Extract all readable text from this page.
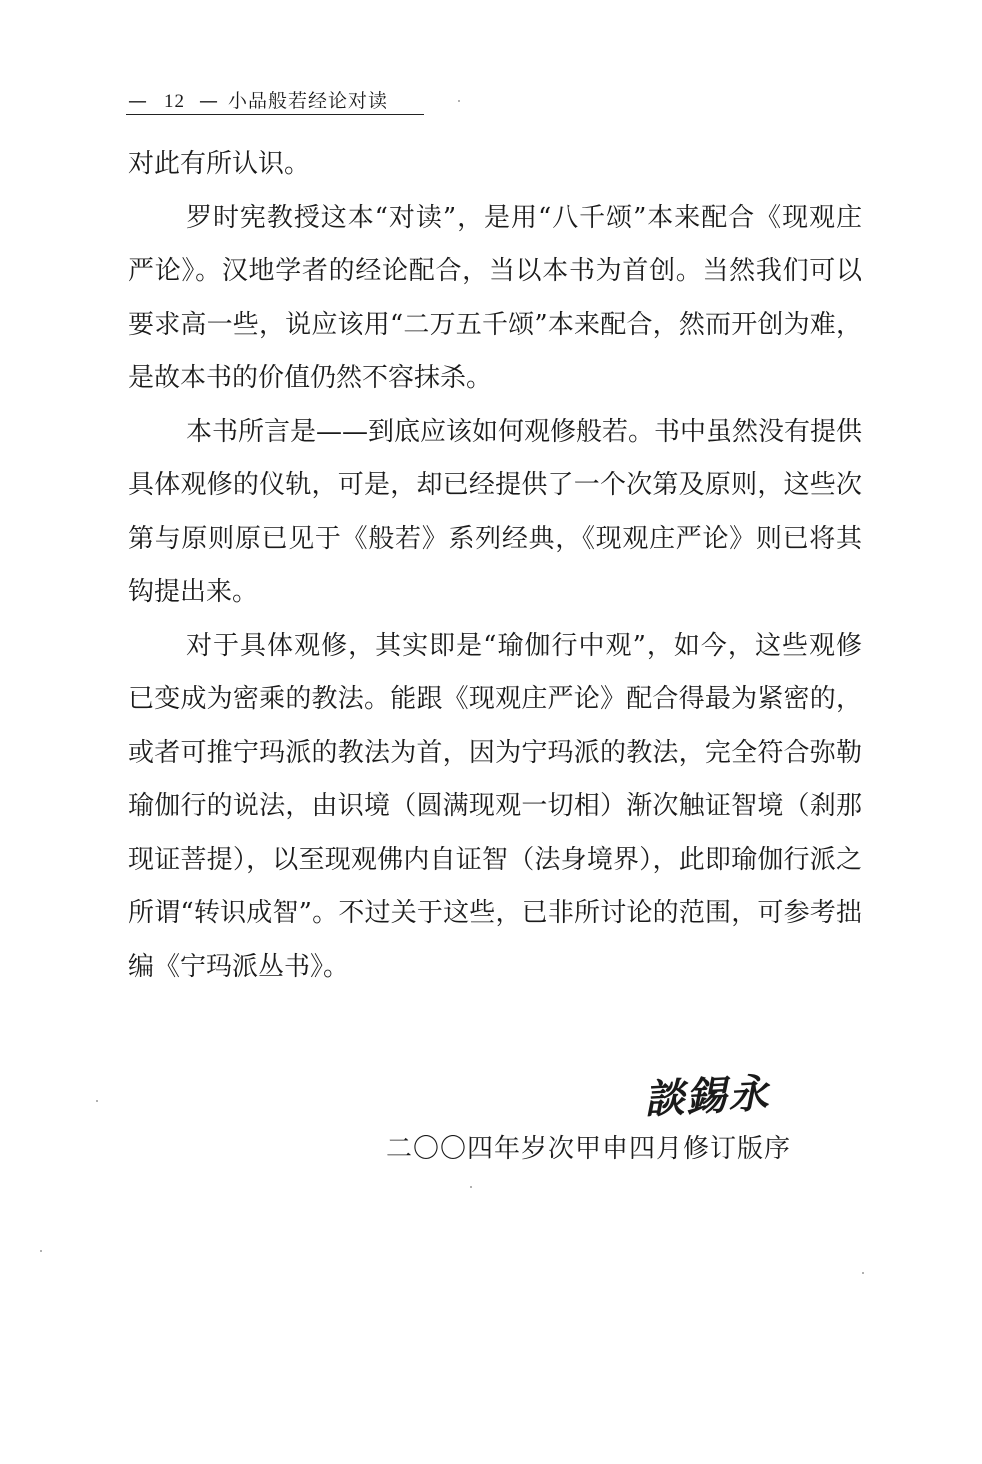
— 12 — 小品般若经论对读

对此有所认识。

罗时宪教授这本“对读”，是用“八千颂”本来配合《现观庄严论》。汉地学者的经论配合，当以本书为首创。当然我们可以要求高一些，说应该用“二万五千颂”本来配合，然而开创为难，是故本书的价值仍然不容抹杀。

本书所言是——到底应该如何观修般若。书中虽然没有提供具体观修的仪轨，可是，却已经提供了一个次第及原则，这些次第与原则原已见于《般若》系列经典，《现观庄严论》则已将其钩提出来。

对于具体观修，其实即是“瑜伽行中观”，如今，这些观修已变成为密乘的教法。能跟《现观庄严论》配合得最为紧密的，或者可推宁玛派的教法为首，因为宁玛派的教法，完全符合弥勒瑜伽行的说法，由识境（圆满现观一切相）渐次触证智境（刹那现证菩提），以至现观佛内自证智（法身境界），此即瑜伽行派之所谓“转识成智”。不过关于这些，已非所讨论的范围，可参考拙编《宁玛派丛书》。

談錫永
二〇〇四年岁次甲申四月修订版序
